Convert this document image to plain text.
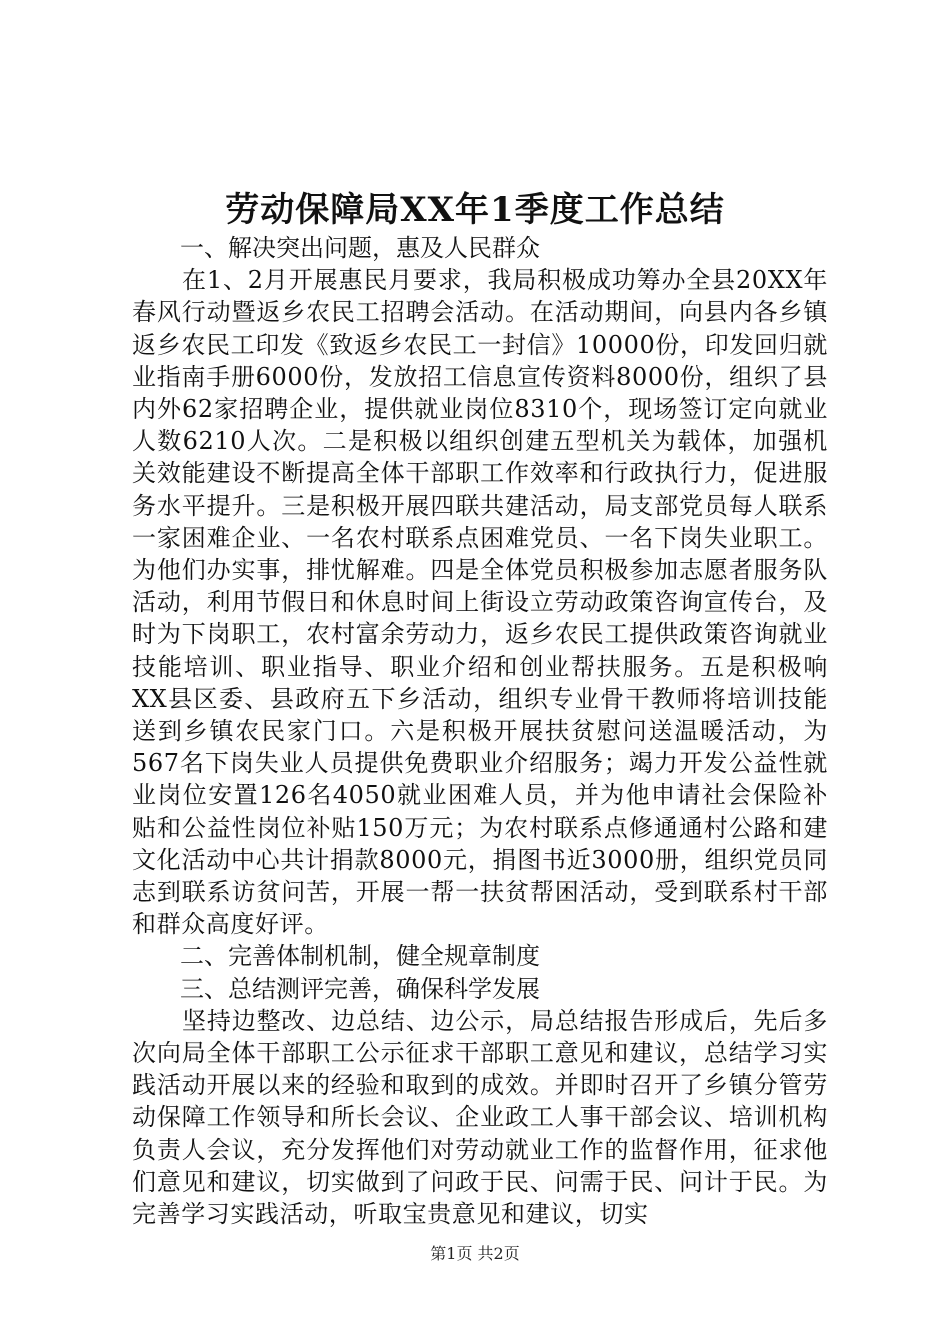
劳动保障局XX年1季度工作总结

一、解决突出问题，惠及人民群众

在1、2月开展惠民月要求，我局积极成功筹办全县20XX年春风行动暨返乡农民工招聘会活动。在活动期间，向县内各乡镇返乡农民工印发《致返乡农民工一封信》10000份，印发回归就业指南手册6000份，发放招工信息宣传资料8000份，组织了县内外62家招聘企业，提供就业岗位8310个，现场签订定向就业人数6210人次。二是积极以组织创建五型机关为载体，加强机关效能建设不断提高全体干部职工作效率和行政执行力，促进服务水平提升。三是积极开展四联共建活动，局支部党员每人联系一家困难企业、一名农村联系点困难党员、一名下岗失业职工。为他们办实事，排忧解难。四是全体党员积极参加志愿者服务队活动，利用节假日和休息时间上街设立劳动政策咨询宣传台，及时为下岗职工，农村富余劳动力，返乡农民工提供政策咨询就业技能培训、职业指导、职业介绍和创业帮扶服务。五是积极响XX县区委、县政府五下乡活动，组织专业骨干教师将培训技能送到乡镇农民家门口。六是积极开展扶贫慰问送温暖活动，为567名下岗失业人员提供免费职业介绍服务；竭力开发公益性就业岗位安置126名4050就业困难人员，并为他申请社会保险补贴和公益性岗位补贴150万元；为农村联系点修通通村公路和建文化活动中心共计捐款8000元，捐图书近3000册，组织党员同志到联系访贫问苦，开展一帮一扶贫帮困活动，受到联系村干部和群众高度好评。

二、完善体制机制，健全规章制度

三、总结测评完善，确保科学发展

坚持边整改、边总结、边公示，局总结报告形成后，先后多次向局全体干部职工公示征求干部职工意见和建议，总结学习实践活动开展以来的经验和取到的成效。并即时召开了乡镇分管劳动保障工作领导和所长会议、企业政工人事干部会议、培训机构负责人会议，充分发挥他们对劳动就业工作的监督作用，征求他们意见和建议，切实做到了问政于民、问需于民、问计于民。为完善学习实践活动，听取宝贵意见和建议，切实

第1页 共2页
